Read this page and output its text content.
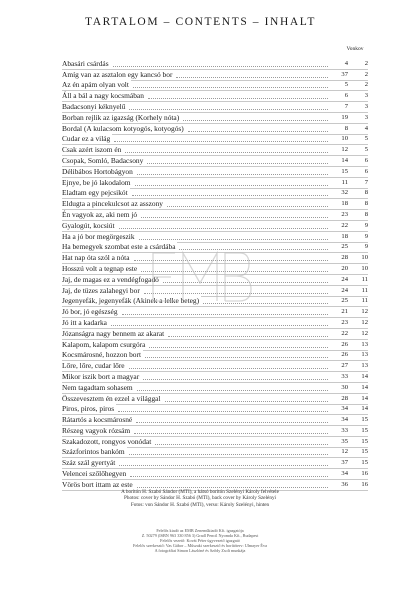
TARTALOM – CONTENTS – INHALT
Vonkov
Abasári csárdás	4	2
Amíg van az asztalon egy kancsó bor	37	2
Az én apám olyan volt	5	2
Áll a bál a nagy kocsmában	6	3
Badacsonyi kéknyelű	7	3
Borban rejlik az igazság (Korhely nóta)	19	3
Bordal (A kulacsom kotyogós, kotyogós)	8	4
Cudar ez a világ	10	5
Csak azért iszom én	12	5
Csopak, Somló, Badacsony	14	6
Délibábos Hortobágyon	15	6
Ejnye, be jó lakodalom	11	7
Eladtam egy pejcsikót	32	8
Eldugta a pincekulcsot az asszony	18	8
Én vagyok az, aki nem jó	23	8
Gyalogút, kocsiút	22	9
Ha a jó bor megörgeszik	18	9
Ha bemegyek szombat este a csárdába	25	9
Hat nap óta szól a nóta	28	10
Hosszú volt a tegnap este	20	10
Jaj, de magas ez a vendégfogadó	24	11
Jaj, de tüzes zalahegyi bor	24	11
Jegenyefák, jegenyefák (Akinek a lelke beteg)	25	11
Jó bor, jó egészség	21	12
Jó itt a kadarka	23	12
Józanságra nagy bennem az akarat	22	12
Kalapom, kalapom csurgóra	26	13
Kocsmárosné, hozzon bort	26	13
Lőre, lőre, cudar lőre	27	13
Mikor iszik bort a magyar	33	14
Nem tagadtam sohasem	30	14
Összevesztem én ezzel a világgal	28	14
Piros, piros, piros	34	14
Rátartós a kocsmárosné	34	15
Részeg vagyok rózsám	33	15
Szakadozott, rongyos vonódat	35	15
Százforintos bankóm	12	15
Száz szál gyertyát	37	15
Velencei szőlőhegyen	34	16
Vörös bort ittam az este	36	16
A borítón H. Szabó Sándor (MTI), a hátsó borítón Szelényi Károly felvétele
Photos: cover by Sándor H. Szabó (MTI), back cover by Károly Szelényi
Fotos: von Sándor H. Szabó (MTI), verso: Károly Szelényi, hinten
Felelős kiadó az EMB Zeneműkiadó Kft. igazgatója
Z. 50279 (ISBN 963 330 856 3) Gradl Pencil Nyomda Kft., Budapest
Felelős vezető: Kovát Péter ügyvezető igazgató
Felelős szerkesztő: Vas Gábor – Műszaki szerkesztő és borítóterv: Ulmayer Éva
A fotográfiai Simon Lászlóné és Sződy Zsolt munkája
